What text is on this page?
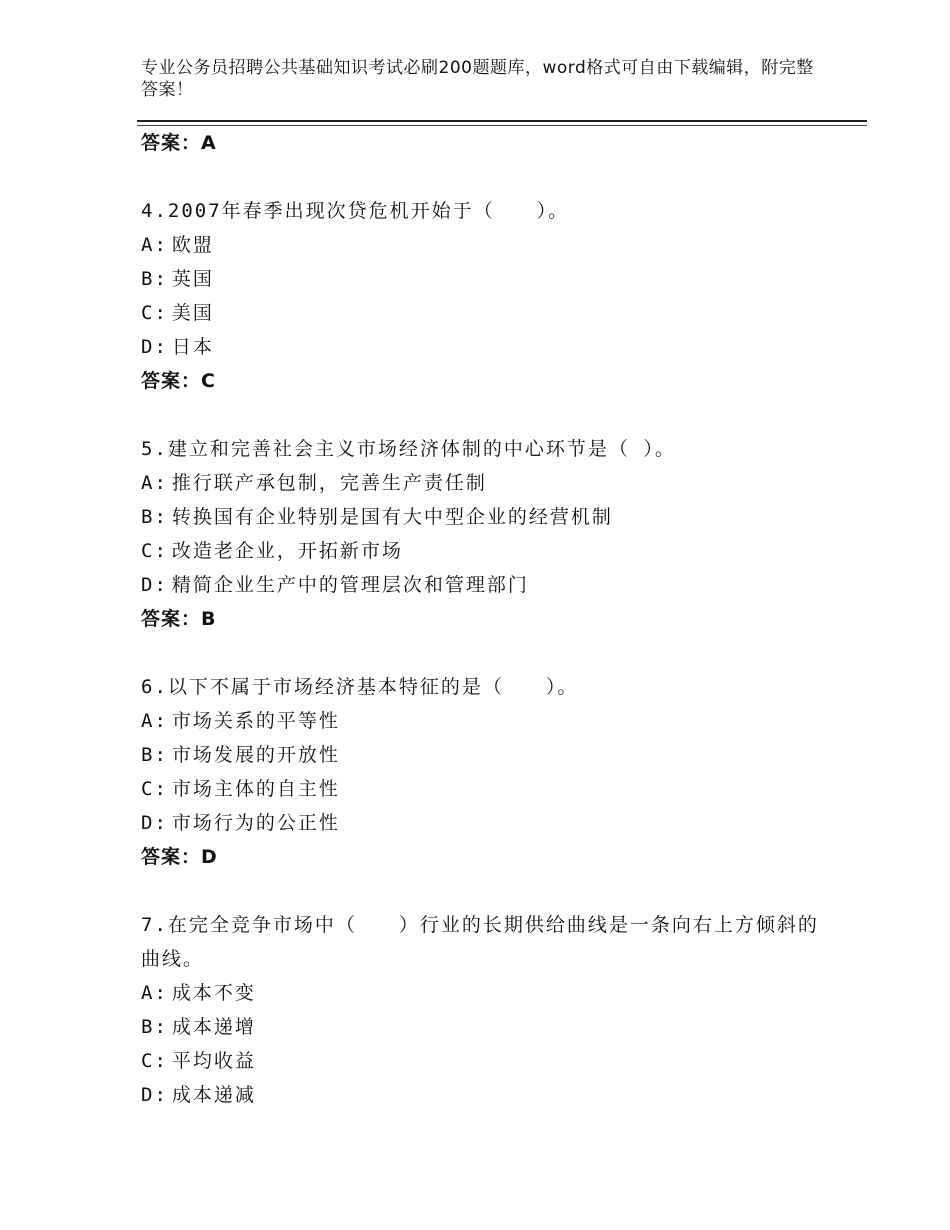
专业公务员招聘公共基础知识考试必刷200题题库，word格式可自由下载编辑，附完整答案！
答案：A
4.2007年春季出现次贷危机开始于（　　）。
A: 欧盟
B: 英国
C: 美国
D: 日本
答案：C
5.建立和完善社会主义市场经济体制的中心环节是（ ）。
A: 推行联产承包制，完善生产责任制
B: 转换国有企业特别是国有大中型企业的经营机制
C: 改造老企业，开拓新市场
D: 精简企业生产中的管理层次和管理部门
答案：B
6.以下不属于市场经济基本特征的是（　　）。
A: 市场关系的平等性
B: 市场发展的开放性
C: 市场主体的自主性
D: 市场行为的公正性
答案：D
7.在完全竞争市场中（　　）行业的长期供给曲线是一条向右上方倾斜的曲线。
A: 成本不变
B: 成本递增
C: 平均收益
D: 成本递减
